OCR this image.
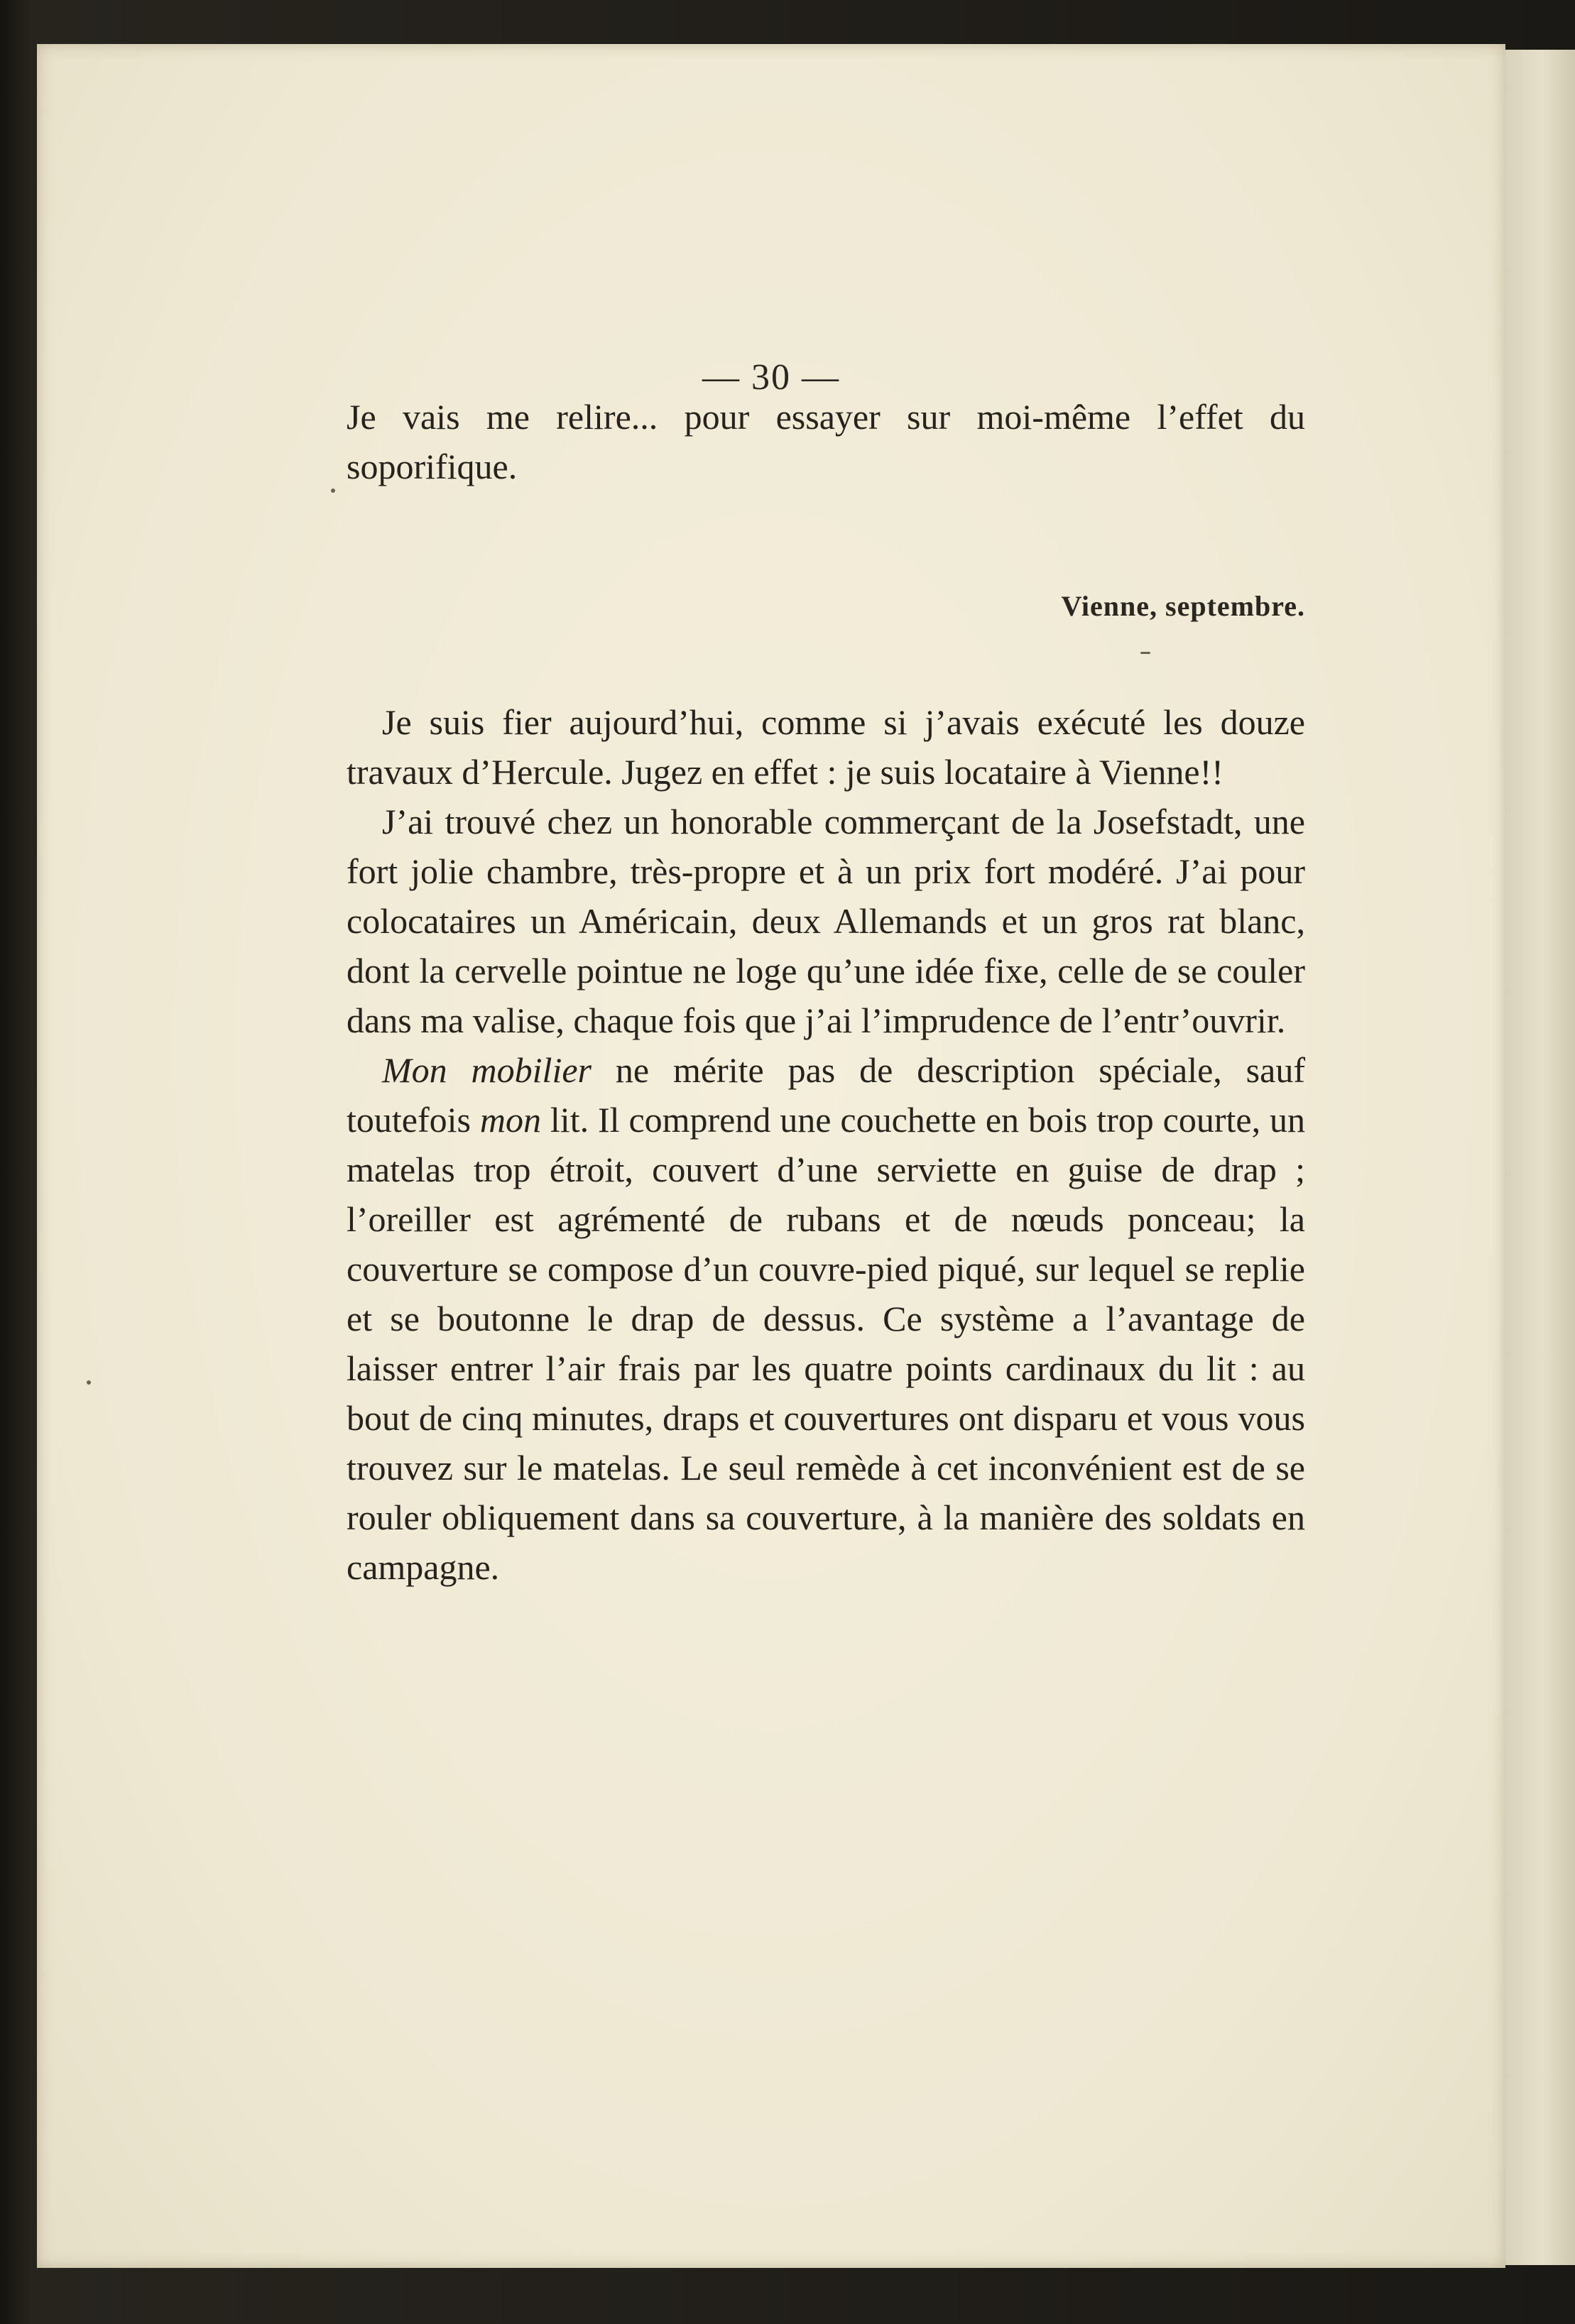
— 30 —

Je vais me relire... pour essayer sur moi-même l’effet du soporifique.

Vienne, septembre.

Je suis fier aujourd’hui, comme si j’avais exécuté les douze travaux d’Hercule. Jugez en effet : je suis locataire à Vienne!!

J’ai trouvé chez un honorable commerçant de la Josefstadt, une fort jolie chambre, très-propre et à un prix fort modéré. J’ai pour colocataires un Américain, deux Allemands et un gros rat blanc, dont la cervelle pointue ne loge qu’une idée fixe, celle de se couler dans ma valise, chaque fois que j’ai l’imprudence de l’entr’ouvrir.

Mon mobilier ne mérite pas de description spéciale, sauf toutefois mon lit. Il comprend une couchette en bois trop courte, un matelas trop étroit, couvert d’une serviette en guise de drap ; l’oreiller est agrémenté de rubans et de nœuds ponceau; la couverture se compose d’un couvre-pied piqué, sur lequel se replie et se boutonne le drap de dessus. Ce système a l’avantage de laisser entrer l’air frais par les quatre points cardinaux du lit : au bout de cinq minutes, draps et couvertures ont disparu et vous vous trouvez sur le matelas. Le seul remède à cet inconvénient est de se rouler obliquement dans sa couverture, à la manière des soldats en campagne.
